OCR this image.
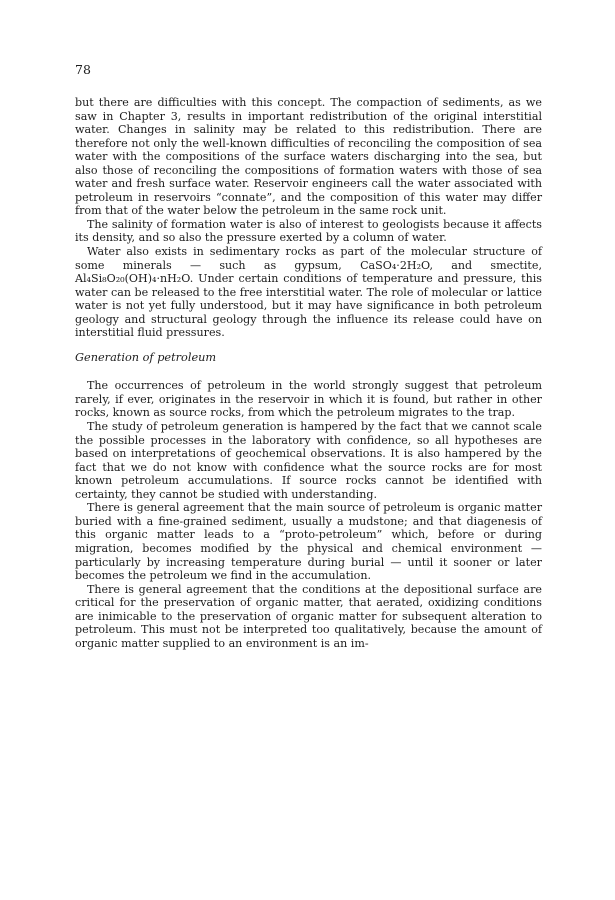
78

but there are difficulties with this concept. The compaction of sediments, as we saw in Chapter 3, results in important redistribution of the original interstitial water. Changes in salinity may be related to this redistribution. There are therefore not only the well-known difficulties of reconciling the composition of sea water with the compositions of the surface waters discharging into the sea, but also those of reconciling the compositions of formation waters with those of sea water and fresh surface water. Reservoir engineers call the water associated with petroleum in reservoirs “connate”, and the composition of this water may differ from that of the water below the petroleum in the same rock unit.

The salinity of formation water is also of interest to geologists because it affects its density, and so also the pressure exerted by a column of water.

Water also exists in sedimentary rocks as part of the molecular structure of some minerals — such as gypsum, CaSO₄·2H₂O, and smectite, Al₄Si₈O₂₀(OH)₄·nH₂O. Under certain conditions of temperature and pressure, this water can be released to the free interstitial water. The role of molecular or lattice water is not yet fully understood, but it may have significance in both petroleum geology and structural geology through the influence its release could have on interstitial fluid pressures.

Generation of petroleum

The occurrences of petroleum in the world strongly suggest that petroleum rarely, if ever, originates in the reservoir in which it is found, but rather in other rocks, known as source rocks, from which the petroleum migrates to the trap.

The study of petroleum generation is hampered by the fact that we cannot scale the possible processes in the laboratory with confidence, so all hypotheses are based on interpretations of geochemical observations. It is also hampered by the fact that we do not know with confidence what the source rocks are for most known petroleum accumulations. If source rocks cannot be identified with certainty, they cannot be studied with understanding.

There is general agreement that the main source of petroleum is organic matter buried with a fine-grained sediment, usually a mudstone; and that diagenesis of this organic matter leads to a “proto-petroleum” which, before or during migration, becomes modified by the physical and chemical environment — particularly by increasing temperature during burial — until it sooner or later becomes the petroleum we find in the accumulation.

There is general agreement that the conditions at the depositional surface are critical for the preservation of organic matter, that aerated, oxidizing conditions are inimicable to the preservation of organic matter for subsequent alteration to petroleum. This must not be interpreted too qualitatively, because the amount of organic matter supplied to an environment is an im-
